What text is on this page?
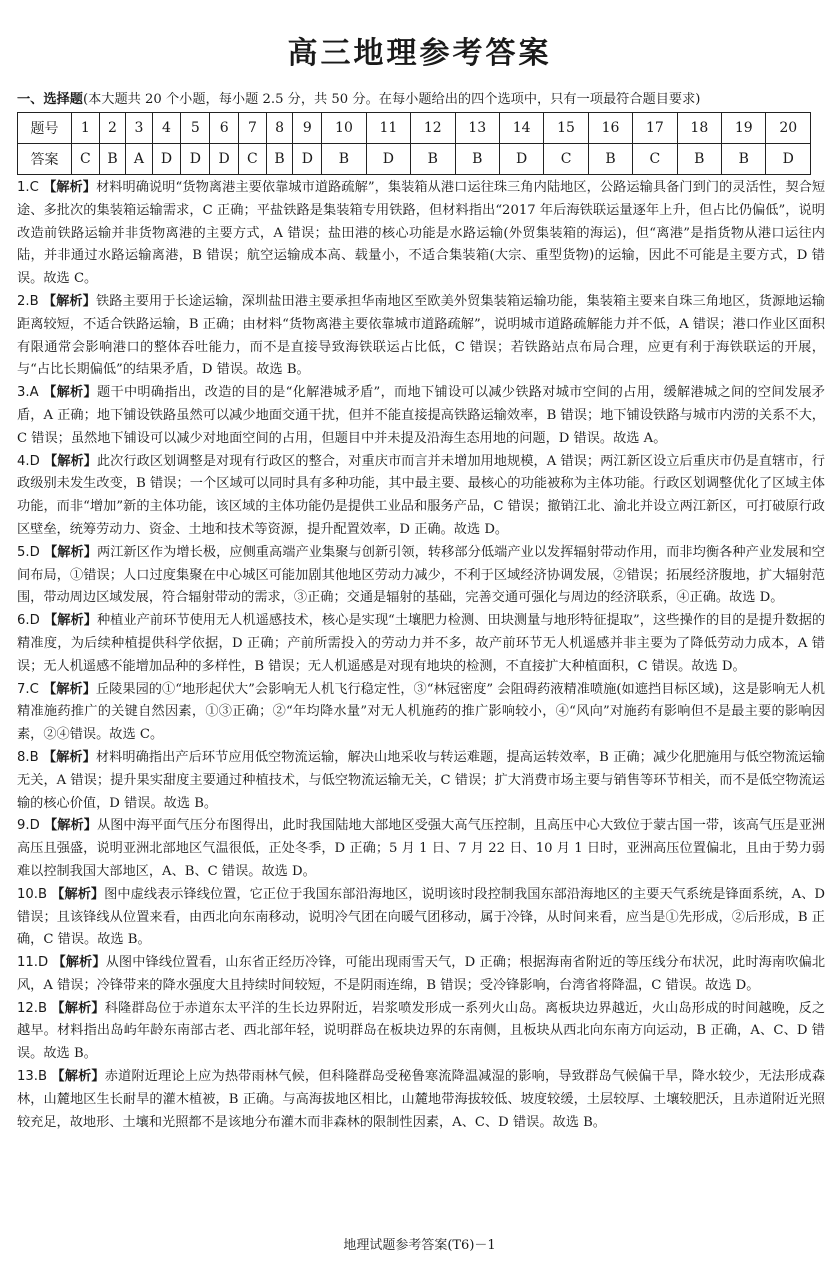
高三地理参考答案
一、选择题(本大题共 20 个小题，每小题 2.5 分，共 50 分。在每小题给出的四个选项中，只有一项最符合题目要求)
题号	1	2	3	4	5	6	7	8	9	10	11	12	13	14	15	16	17	18	19	20
答案	C	B	A	D	D	D	C	B	D	B	D	B	B	D	C	B	C	B	B	D

1.C 【解析】材料明确说明“货物离港主要依靠城市道路疏解”，集装箱从港口运往珠三角内陆地区，公路运输具备门到门的灵活性，契合短途、多批次的集装箱运输需求，C 正确；平盐铁路是集装箱专用铁路，但材料指出“2017 年后海铁联运量逐年上升，但占比仍偏低”，说明改造前铁路运输并非货物离港的主要方式，A 错误；盐田港的核心功能是水路运输(外贸集装箱的海运)，但“离港”是指货物从港口运往内陆，并非通过水路运输离港，B 错误；航空运输成本高、载量小，不适合集装箱(大宗、重型货物)的运输，因此不可能是主要方式，D 错误。故选 C。

2.B 【解析】铁路主要用于长途运输，深圳盐田港主要承担华南地区至欧美外贸集装箱运输功能，集装箱主要来自珠三角地区，货源地运输距离较短，不适合铁路运输，B 正确；由材料“货物离港主要依靠城市道路疏解”，说明城市道路疏解能力并不低，A 错误；港口作业区面积有限通常会影响港口的整体吞吐能力，而不是直接导致海铁联运占比低，C 错误；若铁路站点布局合理，应更有利于海铁联运的开展，与“占比长期偏低”的结果矛盾，D 错误。故选 B。

3.A 【解析】题干中明确指出，改造的目的是“化解港城矛盾”，而地下铺设可以减少铁路对城市空间的占用，缓解港城之间的空间发展矛盾，A 正确；地下铺设铁路虽然可以减少地面交通干扰，但并不能直接提高铁路运输效率，B 错误；地下铺设铁路与城市内涝的关系不大，C 错误；虽然地下铺设可以减少对地面空间的占用，但题目中并未提及沿海生态用地的问题，D 错误。故选 A。

4.D 【解析】此次行政区划调整是对现有行政区的整合，对重庆市而言并未增加用地规模，A 错误；两江新区设立后重庆市仍是直辖市，行政级别未发生改变，B 错误；一个区域可以同时具有多种功能，其中最主要、最核心的功能被称为主体功能。行政区划调整优化了区域主体功能，而非“增加”新的主体功能，该区域的主体功能仍是提供工业品和服务产品，C 错误；撤销江北、渝北并设立两江新区，可打破原行政区壁垒，统筹劳动力、资金、土地和技术等资源，提升配置效率，D 正确。故选 D。

5.D 【解析】两江新区作为增长极，应侧重高端产业集聚与创新引领，转移部分低端产业以发挥辐射带动作用，而非均衡各种产业发展和空间布局，①错误；人口过度集聚在中心城区可能加剧其他地区劳动力减少，不利于区域经济协调发展，②错误；拓展经济腹地，扩大辐射范围，带动周边区域发展，符合辐射带动的需求，③正确；交通是辐射的基础，完善交通可强化与周边的经济联系，④正确。故选 D。

6.D 【解析】种植业产前环节使用无人机遥感技术，核心是实现“土壤肥力检测、田块测量与地形特征提取”，这些操作的目的是提升数据的精准度，为后续种植提供科学依据，D 正确；产前所需投入的劳动力并不多，故产前环节无人机遥感并非主要为了降低劳动力成本，A 错误；无人机遥感不能增加品种的多样性，B 错误；无人机遥感是对现有地块的检测，不直接扩大种植面积，C 错误。故选 D。

7.C 【解析】丘陵果园的①“地形起伏大”会影响无人机飞行稳定性，③“林冠密度” 会阻碍药液精准喷施(如遮挡目标区域)，这是影响无人机精准施药推广的关键自然因素，①③正确；②“年均降水量”对无人机施药的推广影响较小，④“风向”对施药有影响但不是最主要的影响因素，②④错误。故选 C。

8.B 【解析】材料明确指出产后环节应用低空物流运输，解决山地采收与转运难题，提高运转效率，B 正确；减少化肥施用与低空物流运输无关，A 错误；提升果实甜度主要通过种植技术，与低空物流运输无关，C 错误；扩大消费市场主要与销售等环节相关，而不是低空物流运输的核心价值，D 错误。故选 B。

9.D 【解析】从图中海平面气压分布图得出，此时我国陆地大部地区受强大高气压控制，且高压中心大致位于蒙古国一带，该高气压是亚洲高压且强盛，说明亚洲北部地区气温很低，正处冬季，D 正确；5 月 1 日、7 月 22 日、10 月 1 日时，亚洲高压位置偏北，且由于势力弱难以控制我国大部地区，A、B、C 错误。故选 D。

10.B 【解析】图中虚线表示锋线位置，它正位于我国东部沿海地区，说明该时段控制我国东部沿海地区的主要天气系统是锋面系统，A、D 错误；且该锋线从位置来看，由西北向东南移动，说明冷气团在向暖气团移动，属于冷锋，从时间来看，应当是①先形成，②后形成，B 正确，C 错误。故选 B。

11.D 【解析】从图中锋线位置看，山东省正经历冷锋，可能出现雨雪天气，D 正确；根据海南省附近的等压线分布状况，此时海南吹偏北风，A 错误；冷锋带来的降水强度大且持续时间较短，不是阴雨连绵，B 错误；受冷锋影响，台湾省将降温，C 错误。故选 D。

12.B 【解析】科隆群岛位于赤道东太平洋的生长边界附近，岩浆喷发形成一系列火山岛。离板块边界越近，火山岛形成的时间越晚，反之越早。材料指出岛屿年龄东南部古老、西北部年轻，说明群岛在板块边界的东南侧，且板块从西北向东南方向运动，B 正确，A、C、D 错误。故选 B。

13.B 【解析】赤道附近理论上应为热带雨林气候，但科隆群岛受秘鲁寒流降温减湿的影响，导致群岛气候偏干旱，降水较少，无法形成森林，山麓地区生长耐旱的灌木植被，B 正确。与高海拔地区相比，山麓地带海拔较低、坡度较缓，土层较厚、土壤较肥沃，且赤道附近光照较充足，故地形、土壤和光照都不是该地分布灌木而非森林的限制性因素，A、C、D 错误。故选 B。

地理试题参考答案(T6)－1
